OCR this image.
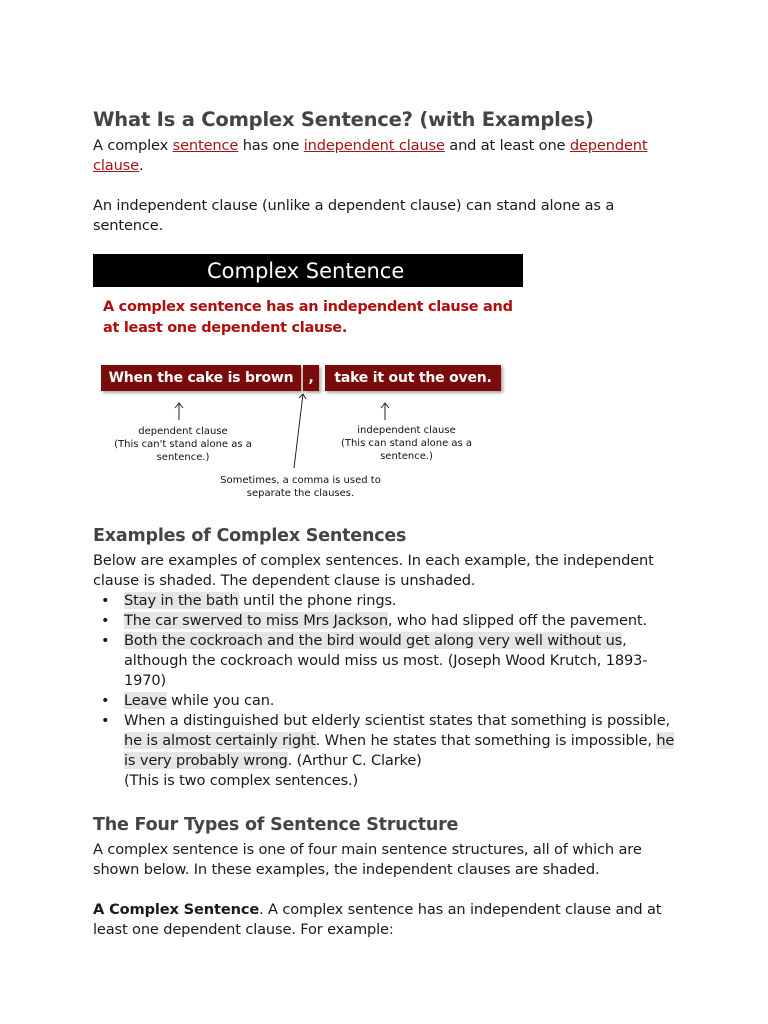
What Is a Complex Sentence? (with Examples)

A complex sentence has one independent clause and at least one dependent clause.

An independent clause (unlike a dependent clause) can stand alone as a sentence.

Complex Sentence
A complex sentence has an independent clause and at least one dependent clause.
When the cake is brown	,	take it out the oven.
dependent clause
(This can't stand alone as a
sentence.)
independent clause
(This can stand alone as a
sentence.)
Sometimes, a comma is used to
separate the clauses.
Examples of Complex Sentences

Below are examples of complex sentences. In each example, the independent clause is shaded. The dependent clause is unshaded.

• Stay in the bath until the phone rings.
• The car swerved to miss Mrs Jackson, who had slipped off the pavement.
• Both the cockroach and the bird would get along very well without us, although the cockroach would miss us most. (Joseph Wood Krutch, 1893-1970)
• Leave while you can.
• When a distinguished but elderly scientist states that something is possible, he is almost certainly right. When he states that something is impossible, he is very probably wrong. (Arthur C. Clarke)
(This is two complex sentences.)
The Four Types of Sentence Structure

A complex sentence is one of four main sentence structures, all of which are shown below. In these examples, the independent clauses are shaded.

A Complex Sentence. A complex sentence has an independent clause and at least one dependent clause. For example:
